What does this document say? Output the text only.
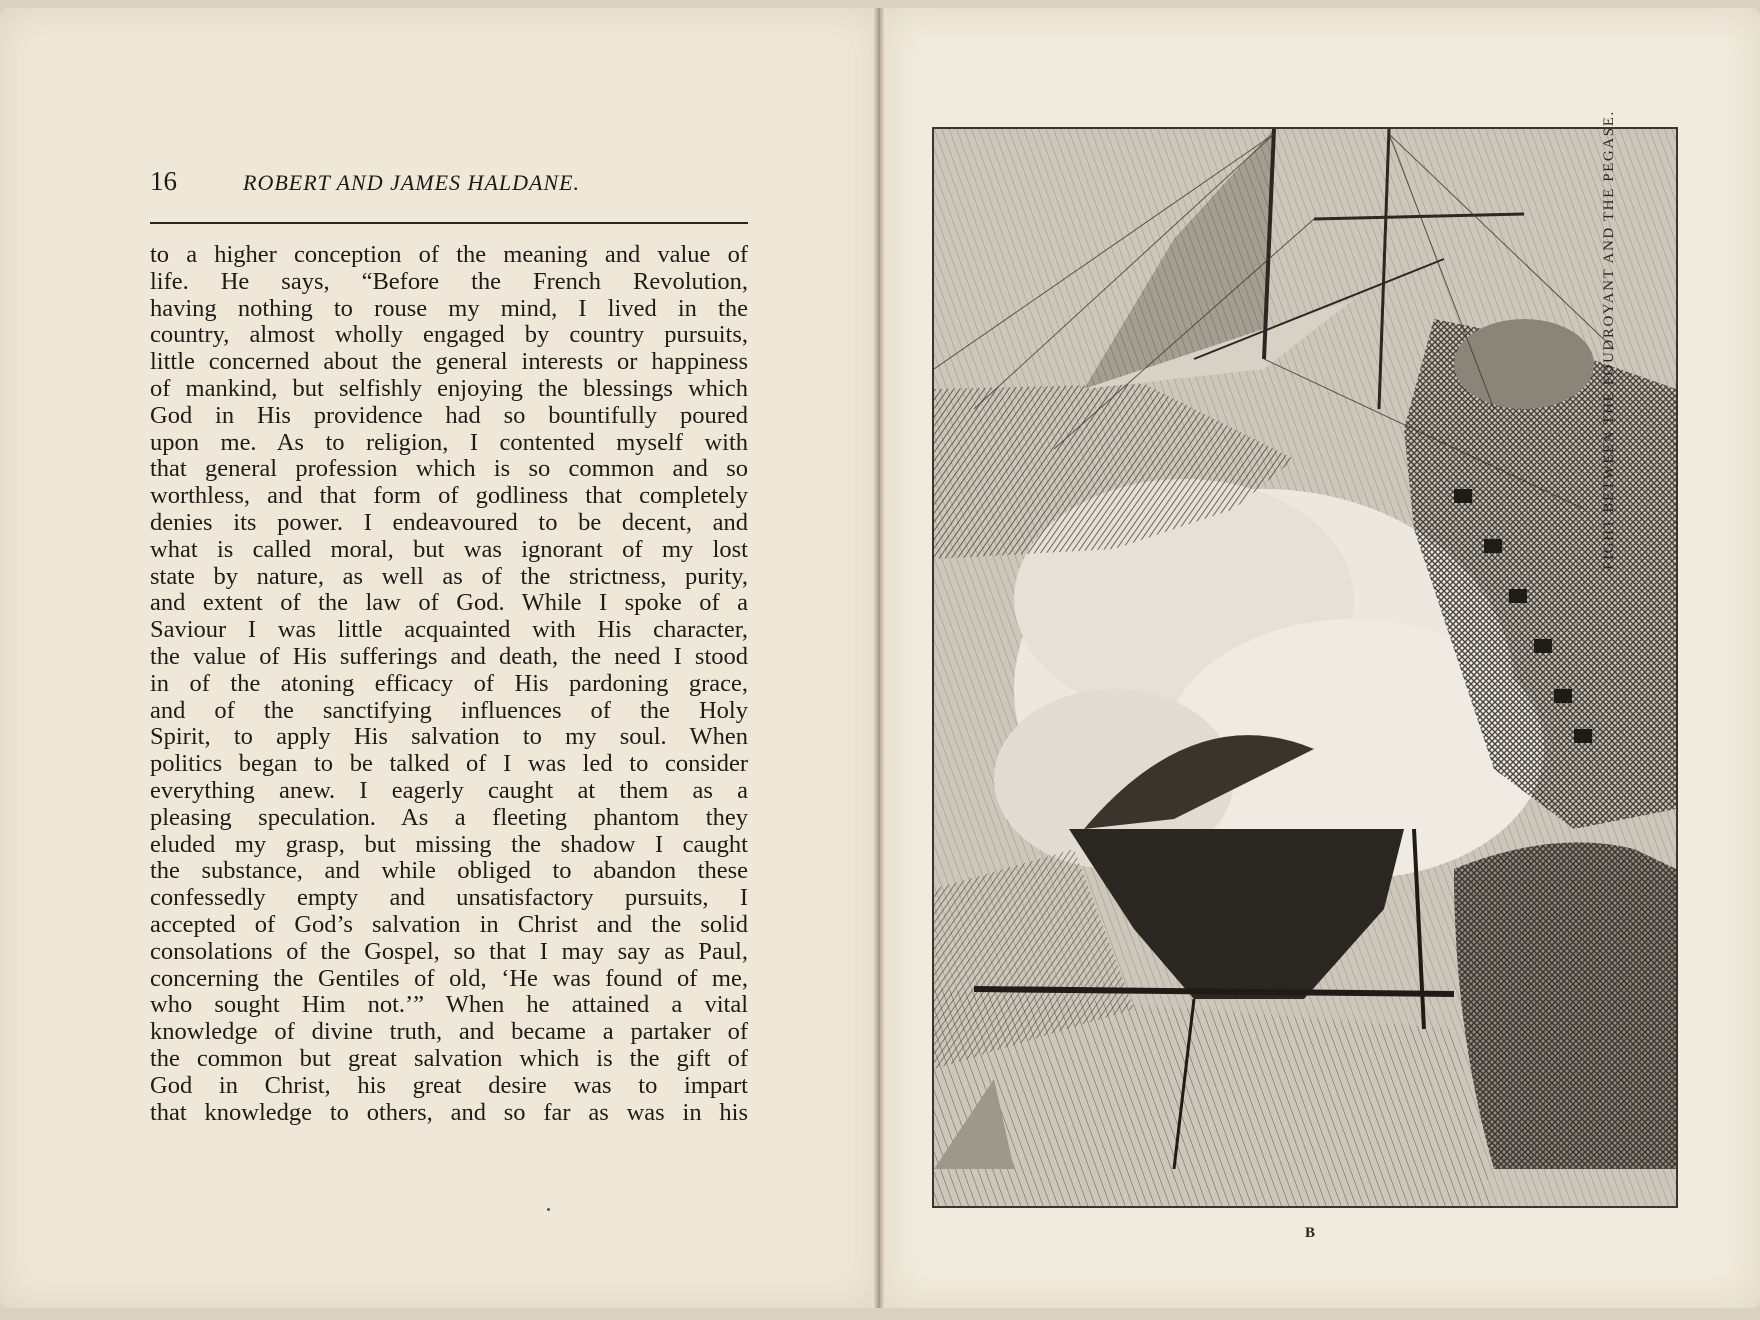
16	ROBERT AND JAMES HALDANE.
to a higher conception of the meaning and value of
life. He says, “Before the French Revolution,
having nothing to rouse my mind, I lived in the
country, almost wholly engaged by country pursuits,
little concerned about the general interests or happiness
of mankind, but selfishly enjoying the blessings which
God in His providence had so bountifully poured
upon me. As to religion, I contented myself with
that general profession which is so common and so
worthless, and that form of godliness that completely
denies its power. I endeavoured to be decent, and
what is called moral, but was ignorant of my lost
state by nature, as well as of the strictness, purity,
and extent of the law of God. While I spoke of a
Saviour I was little acquainted with His character,
the value of His sufferings and death, the need I stood
in of the atoning efficacy of His pardoning grace,
and of the sanctifying influences of the Holy
Spirit, to apply His salvation to my soul. When
politics began to be talked of I was led to consider
everything anew. I eagerly caught at them as a
pleasing speculation. As a fleeting phantom they
eluded my grasp, but missing the shadow I caught
the substance, and while obliged to abandon these
confessedly empty and unsatisfactory pursuits, I
accepted of God’s salvation in Christ and the solid
consolations of the Gospel, so that I may say as Paul,
concerning the Gentiles of old, ‘He was found of me,
who sought Him not.’” When he attained a vital
knowledge of divine truth, and became a partaker of
the common but great salvation which is the gift of
God in Christ, his great desire was to impart
that knowledge to others, and so far as was in his
FIGHT BETWEEN THE FOUDROYANT AND THE PEGASE.
B
